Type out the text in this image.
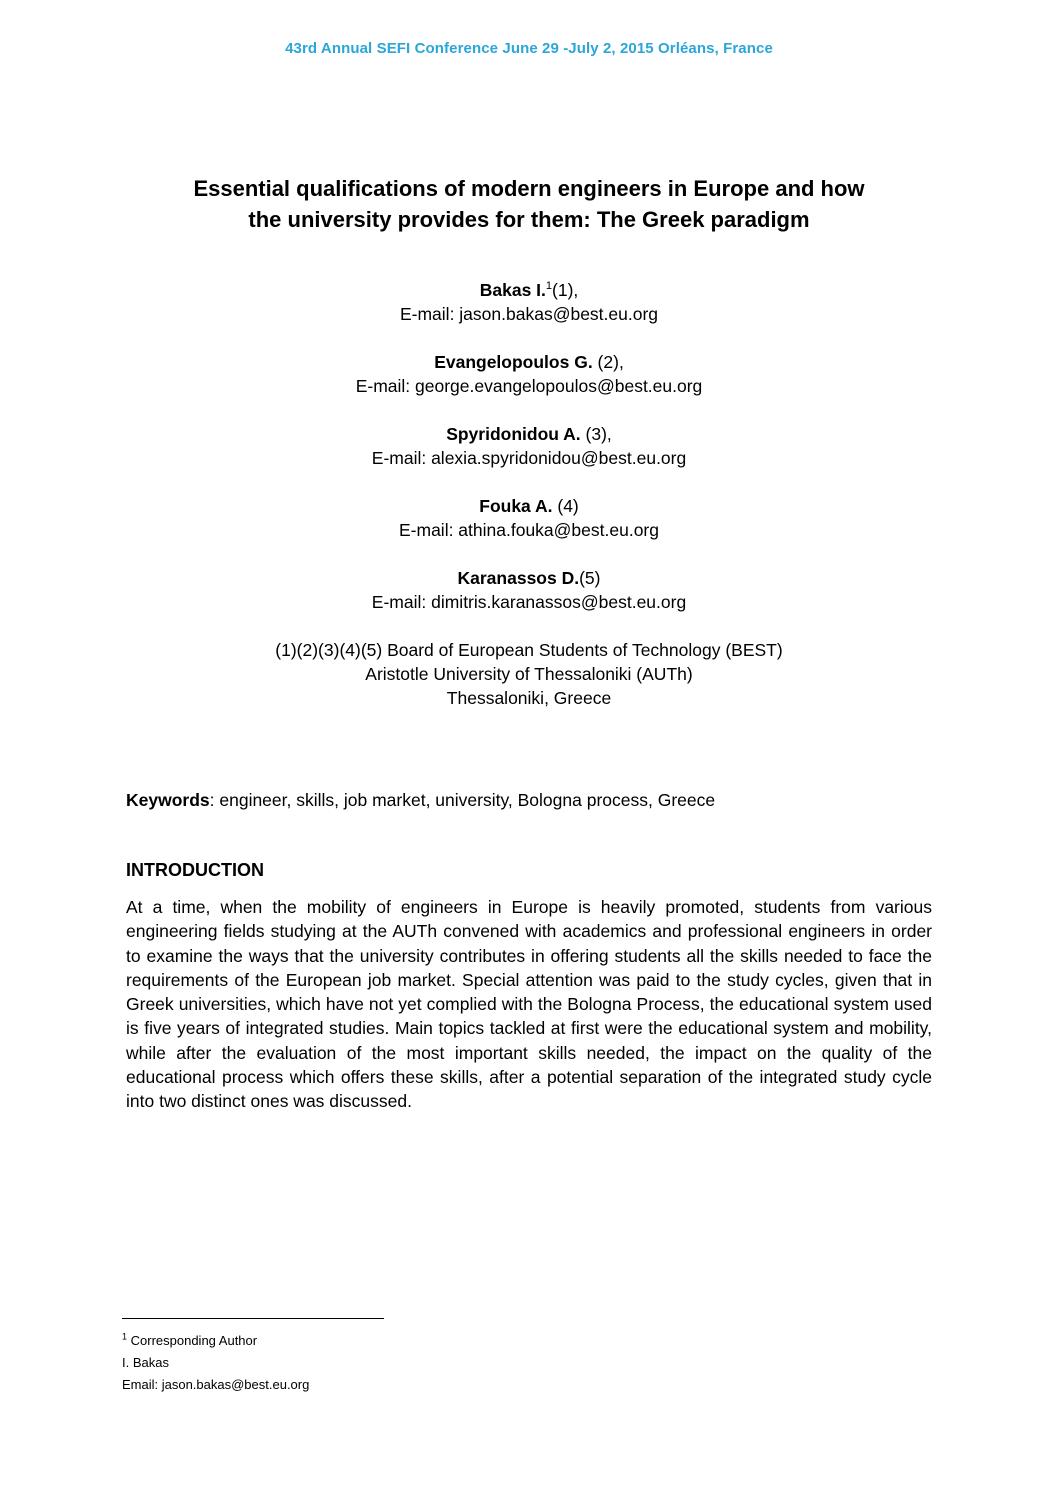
43rd Annual SEFI Conference June 29 -July 2, 2015 Orléans, France
Essential qualifications of modern engineers in Europe and how
the university provides for them: The Greek paradigm
Bakas I.$^1$(1),
E-mail: jason.bakas@best.eu.org
Evangelopoulos G. (2),
E-mail: george.evangelopoulos@best.eu.org
Spyridonidou A. (3),
E-mail: alexia.spyridonidou@best.eu.org
Fouka A. (4)
E-mail: athina.fouka@best.eu.org
Karanassos D.(5)
E-mail: dimitris.karanassos@best.eu.org
(1)(2)(3)(4)(5) Board of European Students of Technology (BEST)
Aristotle University of Thessaloniki (AUTh)
Thessaloniki, Greece
Keywords: engineer, skills, job market, university, Bologna process, Greece
INTRODUCTION

At a time, when the mobility of engineers in Europe is heavily promoted, students from various engineering fields studying at the AUTh convened with academics and professional engineers in order to examine the ways that the university contributes in offering students all the skills needed to face the requirements of the European job market. Special attention was paid to the study cycles, given that in Greek universities, which have not yet complied with the Bologna Process, the educational system used is five years of integrated studies. Main topics tackled at first were the educational system and mobility, while after the evaluation of the most important skills needed, the impact on the quality of the educational process which offers these skills, after a potential separation of the integrated study cycle into two distinct ones was discussed.

$^1$ Corresponding Author
I. Bakas
Email: jason.bakas@best.eu.org
